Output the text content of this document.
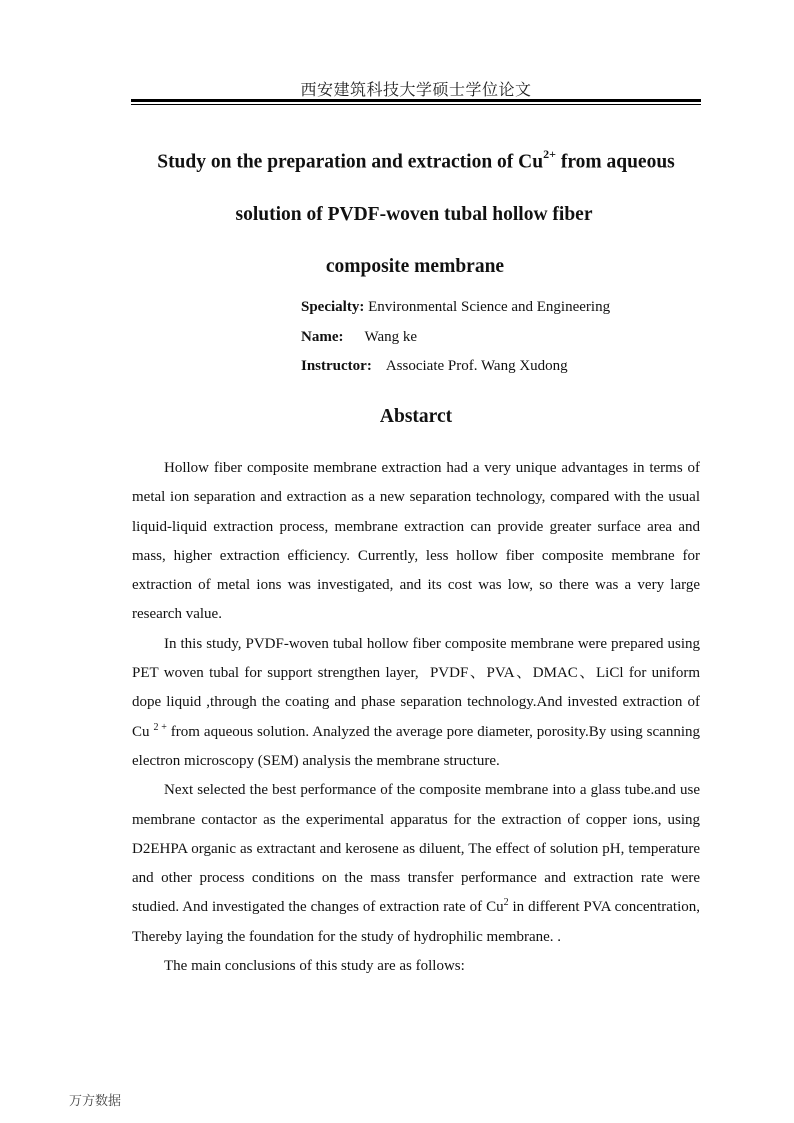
西安建筑科技大学硕士学位论文
Study on the preparation and extraction of $Cu^{2+}$ from aqueous
solution of PVDF-woven tubal hollow fiber
composite membrane
Specialty: Environmental Science and Engineering
Name: Wang ke
Instructor: Associate Prof. Wang Xudong
Abstarct

Hollow fiber composite membrane extraction had a very unique advantages in terms of metal ion separation and extraction as a new separation technology, compared with the usual liquid-liquid extraction process, membrane extraction can provide greater surface area and mass, higher extraction efficiency. Currently, less hollow fiber composite membrane for extraction of metal ions was investigated, and its cost was low, so there was a very large research value.

In this study, PVDF-woven tubal hollow fiber composite membrane were prepared using PET woven tubal for support strengthen layer, PVDF、PVA、DMAC、LiCl for uniform dope liquid ,through the coating and phase separation technology.And invested extraction of Cu $^{2 +}$ from aqueous solution. Analyzed the average pore diameter, porosity.By using scanning electron microscopy (SEM) analysis the membrane structure.

Next selected the best performance of the composite membrane into a glass tube.and use membrane contactor as the experimental apparatus for the extraction of copper ions, using D2EHPA organic as extractant and kerosene as diluent, The effect of solution pH, temperature and other process conditions on the mass transfer performance and extraction rate were studied. And investigated the changes of extraction rate of Cu$^2$ in different PVA concentration, Thereby laying the foundation for the study of hydrophilic membrane. .

The main conclusions of this study are as follows:

万方数据
